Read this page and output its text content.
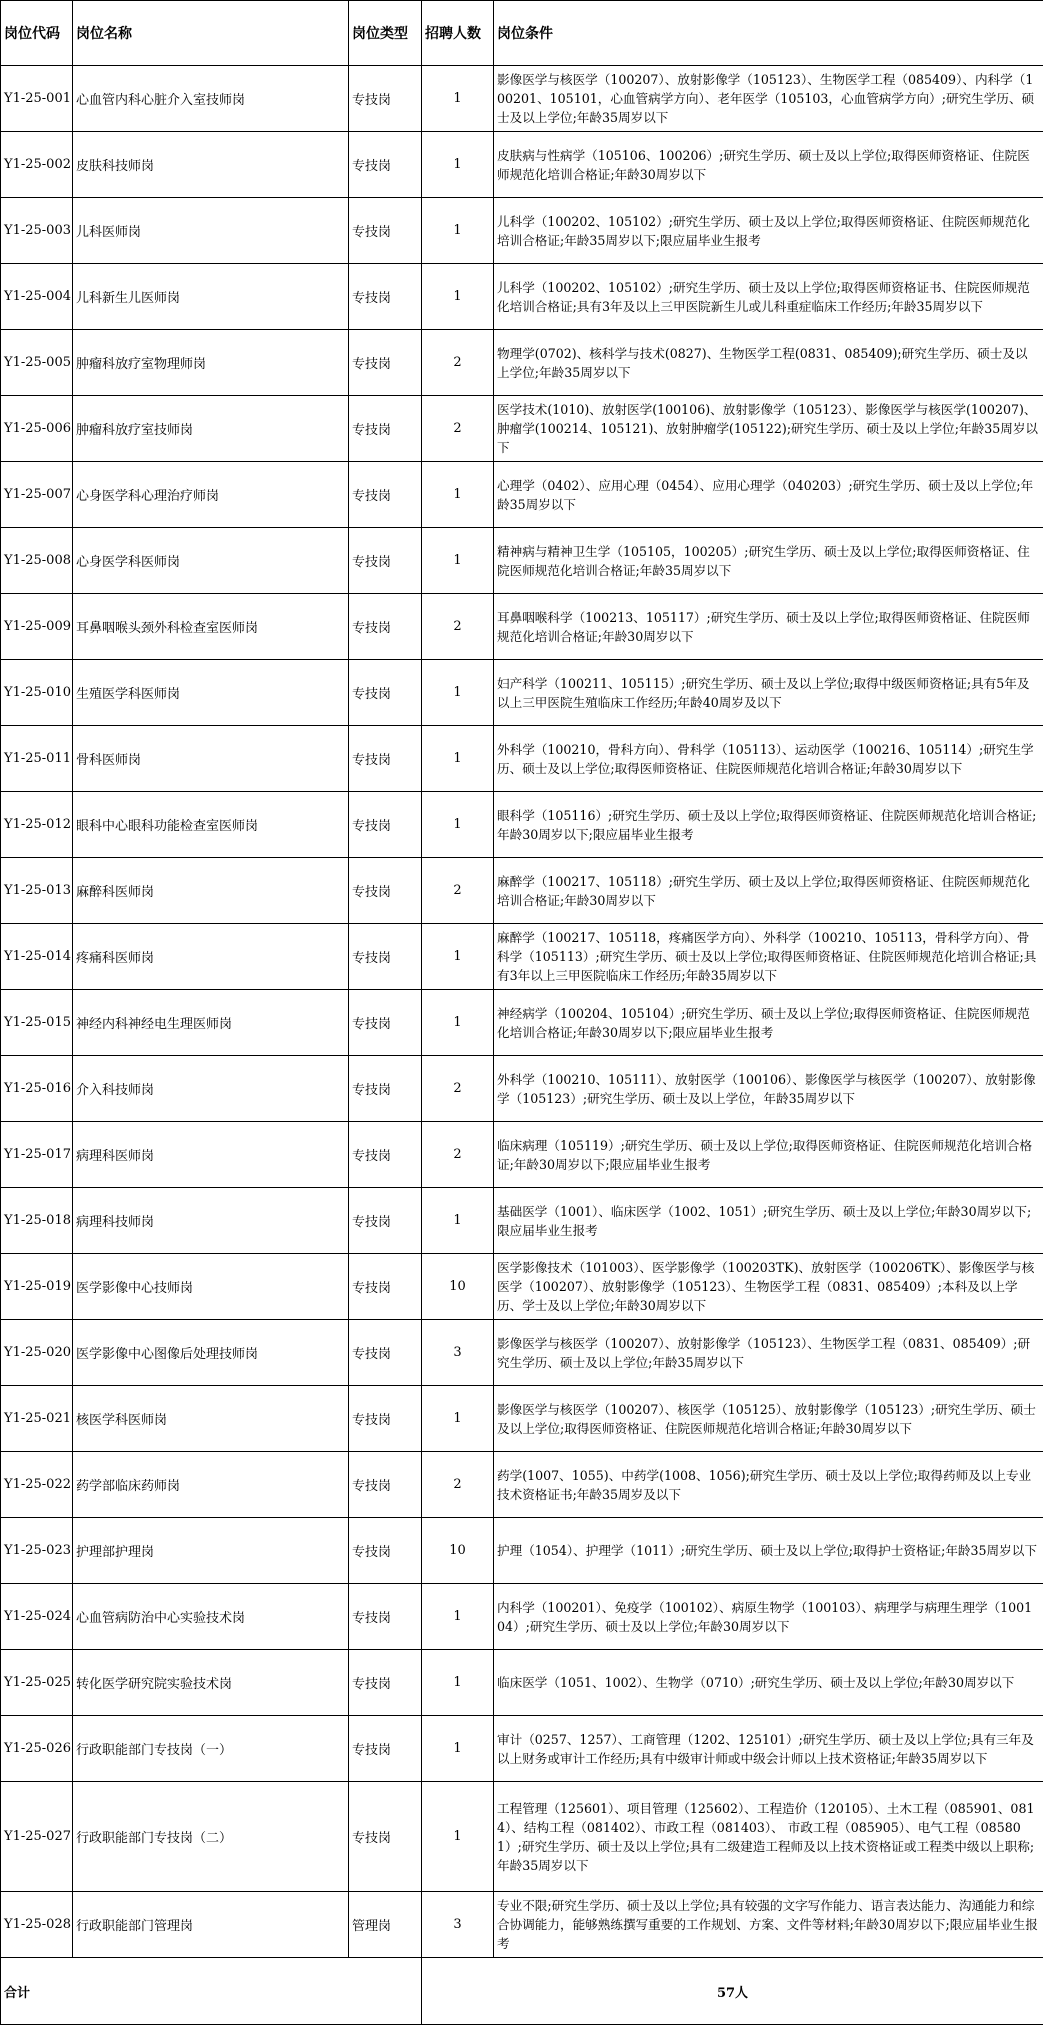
岗位代码	岗位名称	岗位类型	招聘人数	岗位条件
Y1-25-001	心血管内科心脏介入室技师岗	专技岗	1	影像医学与核医学（100207）、放射影像学（105123）、生物医学工程（085409）、内科学（100201、105101，心血管病学方向）、老年医学（105103，心血管病学方向）;研究生学历、硕士及以上学位;年龄35周岁以下
Y1-25-002	皮肤科技师岗	专技岗	1	皮肤病与性病学（105106、100206）;研究生学历、硕士及以上学位;取得医师资格证、住院医师规范化培训合格证;年龄30周岁以下
Y1-25-003	儿科医师岗	专技岗	1	儿科学（100202、105102）;研究生学历、硕士及以上学位;取得医师资格证、住院医师规范化培训合格证;年龄35周岁以下;限应届毕业生报考
Y1-25-004	儿科新生儿医师岗	专技岗	1	儿科学（100202、105102）;研究生学历、硕士及以上学位;取得医师资格证书、住院医师规范化培训合格证;具有3年及以上三甲医院新生儿或儿科重症临床工作经历;年龄35周岁以下
Y1-25-005	肿瘤科放疗室物理师岗	专技岗	2	物理学(0702)、核科学与技术(0827)、生物医学工程(0831、085409);研究生学历、硕士及以上学位;年龄35周岁以下
Y1-25-006	肿瘤科放疗室技师岗	专技岗	2	医学技术(1010)、放射医学(100106)、放射影像学（105123）、影像医学与核医学(100207)、肿瘤学(100214、105121)、放射肿瘤学(105122);研究生学历、硕士及以上学位;年龄35周岁以下
Y1-25-007	心身医学科心理治疗师岗	专技岗	1	心理学（0402）、应用心理（0454）、应用心理学（040203）;研究生学历、硕士及以上学位;年龄35周岁以下
Y1-25-008	心身医学科医师岗	专技岗	1	精神病与精神卫生学（105105，100205）;研究生学历、硕士及以上学位;取得医师资格证、住院医师规范化培训合格证;年龄35周岁以下
Y1-25-009	耳鼻咽喉头颈外科检查室医师岗	专技岗	2	耳鼻咽喉科学（100213、105117）;研究生学历、硕士及以上学位;取得医师资格证、住院医师规范化培训合格证;年龄30周岁以下
Y1-25-010	生殖医学科医师岗	专技岗	1	妇产科学（100211、105115）;研究生学历、硕士及以上学位;取得中级医师资格证;具有5年及以上三甲医院生殖临床工作经历;年龄40周岁及以下
Y1-25-011	骨科医师岗	专技岗	1	外科学（100210，骨科方向）、骨科学（105113）、运动医学（100216、105114）;研究生学历、硕士及以上学位;取得医师资格证、住院医师规范化培训合格证;年龄30周岁以下
Y1-25-012	眼科中心眼科功能检查室医师岗	专技岗	1	眼科学（105116）;研究生学历、硕士及以上学位;取得医师资格证、住院医师规范化培训合格证;年龄30周岁以下;限应届毕业生报考
Y1-25-013	麻醉科医师岗	专技岗	2	麻醉学（100217、105118）;研究生学历、硕士及以上学位;取得医师资格证、住院医师规范化培训合格证;年龄30周岁以下
Y1-25-014	疼痛科医师岗	专技岗	1	麻醉学（100217、105118，疼痛医学方向）、外科学（100210、105113，骨科学方向）、骨科学（105113）;研究生学历、硕士及以上学位;取得医师资格证、住院医师规范化培训合格证;具有3年以上三甲医院临床工作经历;年龄35周岁以下
Y1-25-015	神经内科神经电生理医师岗	专技岗	1	神经病学（100204、105104）;研究生学历、硕士及以上学位;取得医师资格证、住院医师规范化培训合格证;年龄30周岁以下;限应届毕业生报考
Y1-25-016	介入科技师岗	专技岗	2	外科学（100210、105111）、放射医学（100106）、影像医学与核医学（100207）、放射影像学（105123）;研究生学历、硕士及以上学位，年龄35周岁以下
Y1-25-017	病理科医师岗	专技岗	2	临床病理（105119）;研究生学历、硕士及以上学位;取得医师资格证、住院医师规范化培训合格证;年龄30周岁以下;限应届毕业生报考
Y1-25-018	病理科技师岗	专技岗	1	基础医学（1001）、临床医学（1002、1051）;研究生学历、硕士及以上学位;年龄30周岁以下;限应届毕业生报考
Y1-25-019	医学影像中心技师岗	专技岗	10	医学影像技术（101003）、医学影像学（100203TK)、放射医学（100206TK）、影像医学与核医学（100207）、放射影像学（105123）、生物医学工程（0831、085409）;本科及以上学历、学士及以上学位;年龄30周岁以下
Y1-25-020	医学影像中心图像后处理技师岗	专技岗	3	影像医学与核医学（100207）、放射影像学（105123）、生物医学工程（0831、085409）;研究生学历、硕士及以上学位;年龄35周岁以下
Y1-25-021	核医学科医师岗	专技岗	1	影像医学与核医学（100207）、核医学（105125）、放射影像学（105123）;研究生学历、硕士及以上学位;取得医师资格证、住院医师规范化培训合格证;年龄30周岁以下
Y1-25-022	药学部临床药师岗	专技岗	2	药学(1007、1055)、中药学(1008、1056);研究生学历、硕士及以上学位;取得药师及以上专业技术资格证书;年龄35周岁及以下
Y1-25-023	护理部护理岗	专技岗	10	护理（1054）、护理学（1011）;研究生学历、硕士及以上学位;取得护士资格证;年龄35周岁以下
Y1-25-024	心血管病防治中心实验技术岗	专技岗	1	内科学（100201）、免疫学（100102）、病原生物学（100103）、病理学与病理生理学（100104）;研究生学历、硕士及以上学位;年龄30周岁以下
Y1-25-025	转化医学研究院实验技术岗	专技岗	1	临床医学（1051、1002）、生物学（0710）;研究生学历、硕士及以上学位;年龄30周岁以下
Y1-25-026	行政职能部门专技岗（一）	专技岗	1	审计（0257、1257）、工商管理（1202、125101）;研究生学历、硕士及以上学位;具有三年及以上财务或审计工作经历;具有中级审计师或中级会计师以上技术资格证;年龄35周岁以下
Y1-25-027	行政职能部门专技岗（二）	专技岗	1	工程管理（125601）、项目管理（125602）、工程造价（120105）、土木工程（085901、0814）、结构工程（081402）、市政工程（081403）、 市政工程（085905）、电气工程（085801）;研究生学历、硕士及以上学位;具有二级建造工程师及以上技术资格证或工程类中级以上职称;年龄35周岁以下
Y1-25-028	行政职能部门管理岗	管理岗	3	专业不限;研究生学历、硕士及以上学位;具有较强的文字写作能力、语言表达能力、沟通能力和综合协调能力，能够熟练撰写重要的工作规划、方案、文件等材料;年龄30周岁以下;限应届毕业生报考
合计			57人	
